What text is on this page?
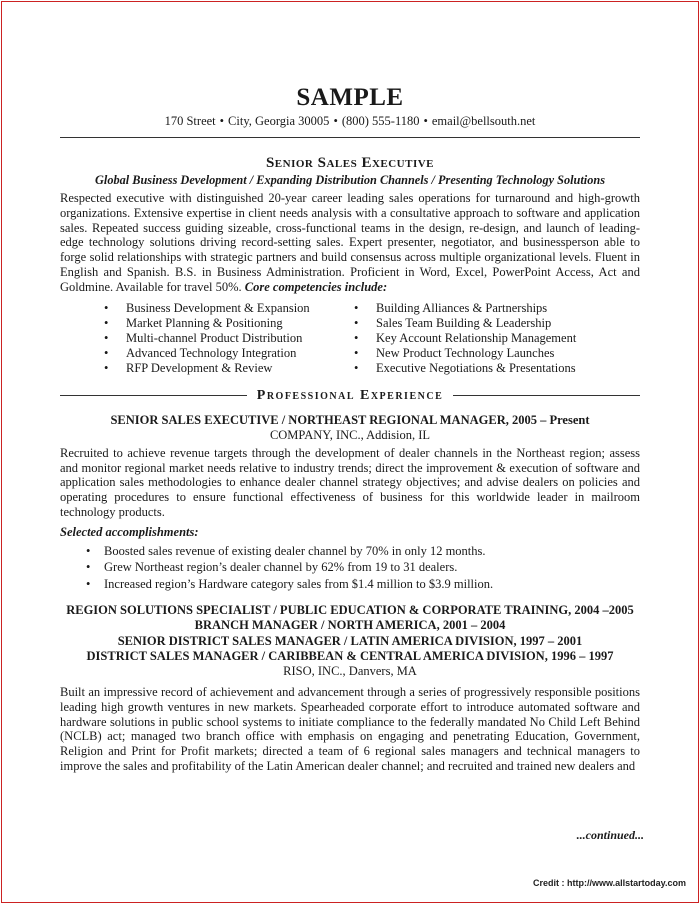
SAMPLE
170 Street • City, Georgia 30005 • (800) 555-1180 • email@bellsouth.net
Senior Sales Executive
Global Business Development / Expanding Distribution Channels / Presenting Technology Solutions

Respected executive with distinguished 20-year career leading sales operations for turnaround and high-growth organizations. Extensive expertise in client needs analysis with a consultative approach to software and application sales. Repeated success guiding sizeable, cross-functional teams in the design, re-design, and launch of leading-edge technology solutions driving record-setting sales. Expert presenter, negotiator, and businessperson able to forge solid relationships with strategic partners and build consensus across multiple organizational levels. Fluent in English and Spanish. B.S. in Business Administration. Proficient in Word, Excel, PowerPoint Access, Act and Goldmine. Available for travel 50%. Core competencies include:

• Business Development & Expansion
• Market Planning & Positioning
• Multi-channel Product Distribution
• Advanced Technology Integration
• RFP Development & Review
• Building Alliances & Partnerships
• Sales Team Building & Leadership
• Key Account Relationship Management
• New Product Technology Launches
• Executive Negotiations & Presentations
Professional Experience
SENIOR SALES EXECUTIVE / NORTHEAST REGIONAL MANAGER, 2005 – Present
COMPANY, INC., Addision, IL

Recruited to achieve revenue targets through the development of dealer channels in the Northeast region; assess and monitor regional market needs relative to industry trends; direct the improvement & execution of software and application sales methodologies to enhance dealer channel strategy objectives; and advise dealers on policies and operating procedures to ensure functional effectiveness of business for this worldwide leader in mailroom technology products.

Selected accomplishments:
• Boosted sales revenue of existing dealer channel by 70% in only 12 months.
• Grew Northeast region’s dealer channel by 62% from 19 to 31 dealers.
• Increased region’s Hardware category sales from $1.4 million to $3.9 million.
REGION SOLUTIONS SPECIALIST / PUBLIC EDUCATION & CORPORATE TRAINING, 2004 –2005
BRANCH MANAGER / NORTH AMERICA, 2001 – 2004
SENIOR DISTRICT SALES MANAGER / LATIN AMERICA DIVISION, 1997 – 2001
DISTRICT SALES MANAGER / CARIBBEAN & CENTRAL AMERICA DIVISION, 1996 – 1997
RISO, INC., Danvers, MA

Built an impressive record of achievement and advancement through a series of progressively responsible positions leading high growth ventures in new markets. Spearheaded corporate effort to introduce automated software and hardware solutions in public school systems to initiate compliance to the federally mandated No Child Left Behind (NCLB) act; managed two branch office with emphasis on engaging and penetrating Education, Government, Religion and Print for Profit markets; directed a team of 6 regional sales managers and technical managers to improve the sales and profitability of the Latin American dealer channel; and recruited and trained new dealers and

...continued...
Credit : http://www.allstartoday.com
